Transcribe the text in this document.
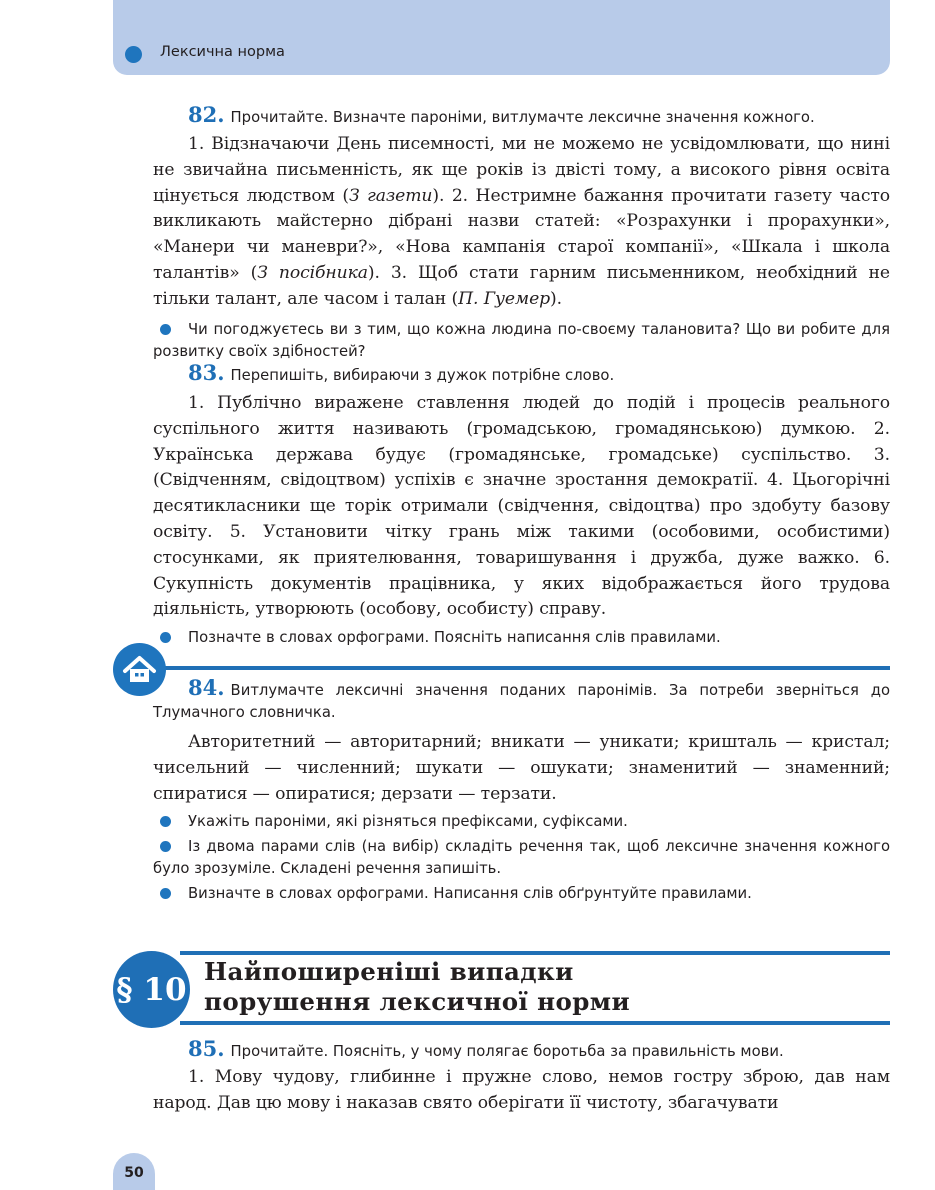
Лексична норма

82. Прочитайте. Визначте пароніми, витлумачте лексичне значення кожного.

1. Відзначаючи День писемності, ми не можемо не усвідомлювати, що нині не звичайна письменність, як ще років із двісті тому, а високого рівня освіта цінується людством (З газети). 2. Нестримне бажання прочитати газету часто викликають майстерно дібрані назви статей: «Розрахунки і прорахунки», «Манери чи маневри?», «Нова кампанія старої компанії», «Шкала і школа талантів» (З посібника). 3. Щоб стати гарним письменником, необхідний не тільки талант, але часом і талан (П. Гуемер).

Чи погоджуєтесь ви з тим, що кожна людина по-своєму талановита? Що ви робите для розвитку своїх здібностей?

83. Перепишіть, вибираючи з дужок потрібне слово.

1. Публічно виражене ставлення людей до подій і процесів реального суспільного життя називають (громадською, громадянською) думкою. 2. Українська держава будує (громадянське, громадське) суспільство. 3. (Свідченням, свідоцтвом) успіхів є значне зростання демократії. 4. Цьогорічні десятикласники ще торік отримали (свідчення, свідоцтва) про здобуту базову освіту. 5. Установити чітку грань між такими (особовими, особистими) стосунками, як приятелювання, товаришування і дружба, дуже важко. 6. Сукупність документів працівника, у яких відображається його трудова діяльність, утворюють (особову, особисту) справу.

Позначте в словах орфограми. Поясніть написання слів правилами.

84. Витлумачте лексичні значення поданих паронімів. За потреби зверніться до Тлумачного словничка.

Авторитетний — авторитарний; вникати — уникати; кришталь — кристал; чисельний — численний; шукати — ошукати; знаменитий — знаменний; спиратися — опиратися; дерзати — терзати.

Укажіть пароніми, які різняться префіксами, суфіксами.

Із двома парами слів (на вибір) складіть речення так, щоб лексичне значення кожного було зрозуміле. Складені речення запишіть.

Визначте в словах орфограми. Написання слів обґрунтуйте правилами.

§ 10 Найпоширеніші випадки
порушення лексичної норми

85. Прочитайте. Поясніть, у чому полягає боротьба за правильність мови.

1. Мову чудову, глибинне і пружне слово, немов гостру зброю, дав нам народ. Дав цю мову і наказав свято оберігати її чистоту, збагачувати

50
